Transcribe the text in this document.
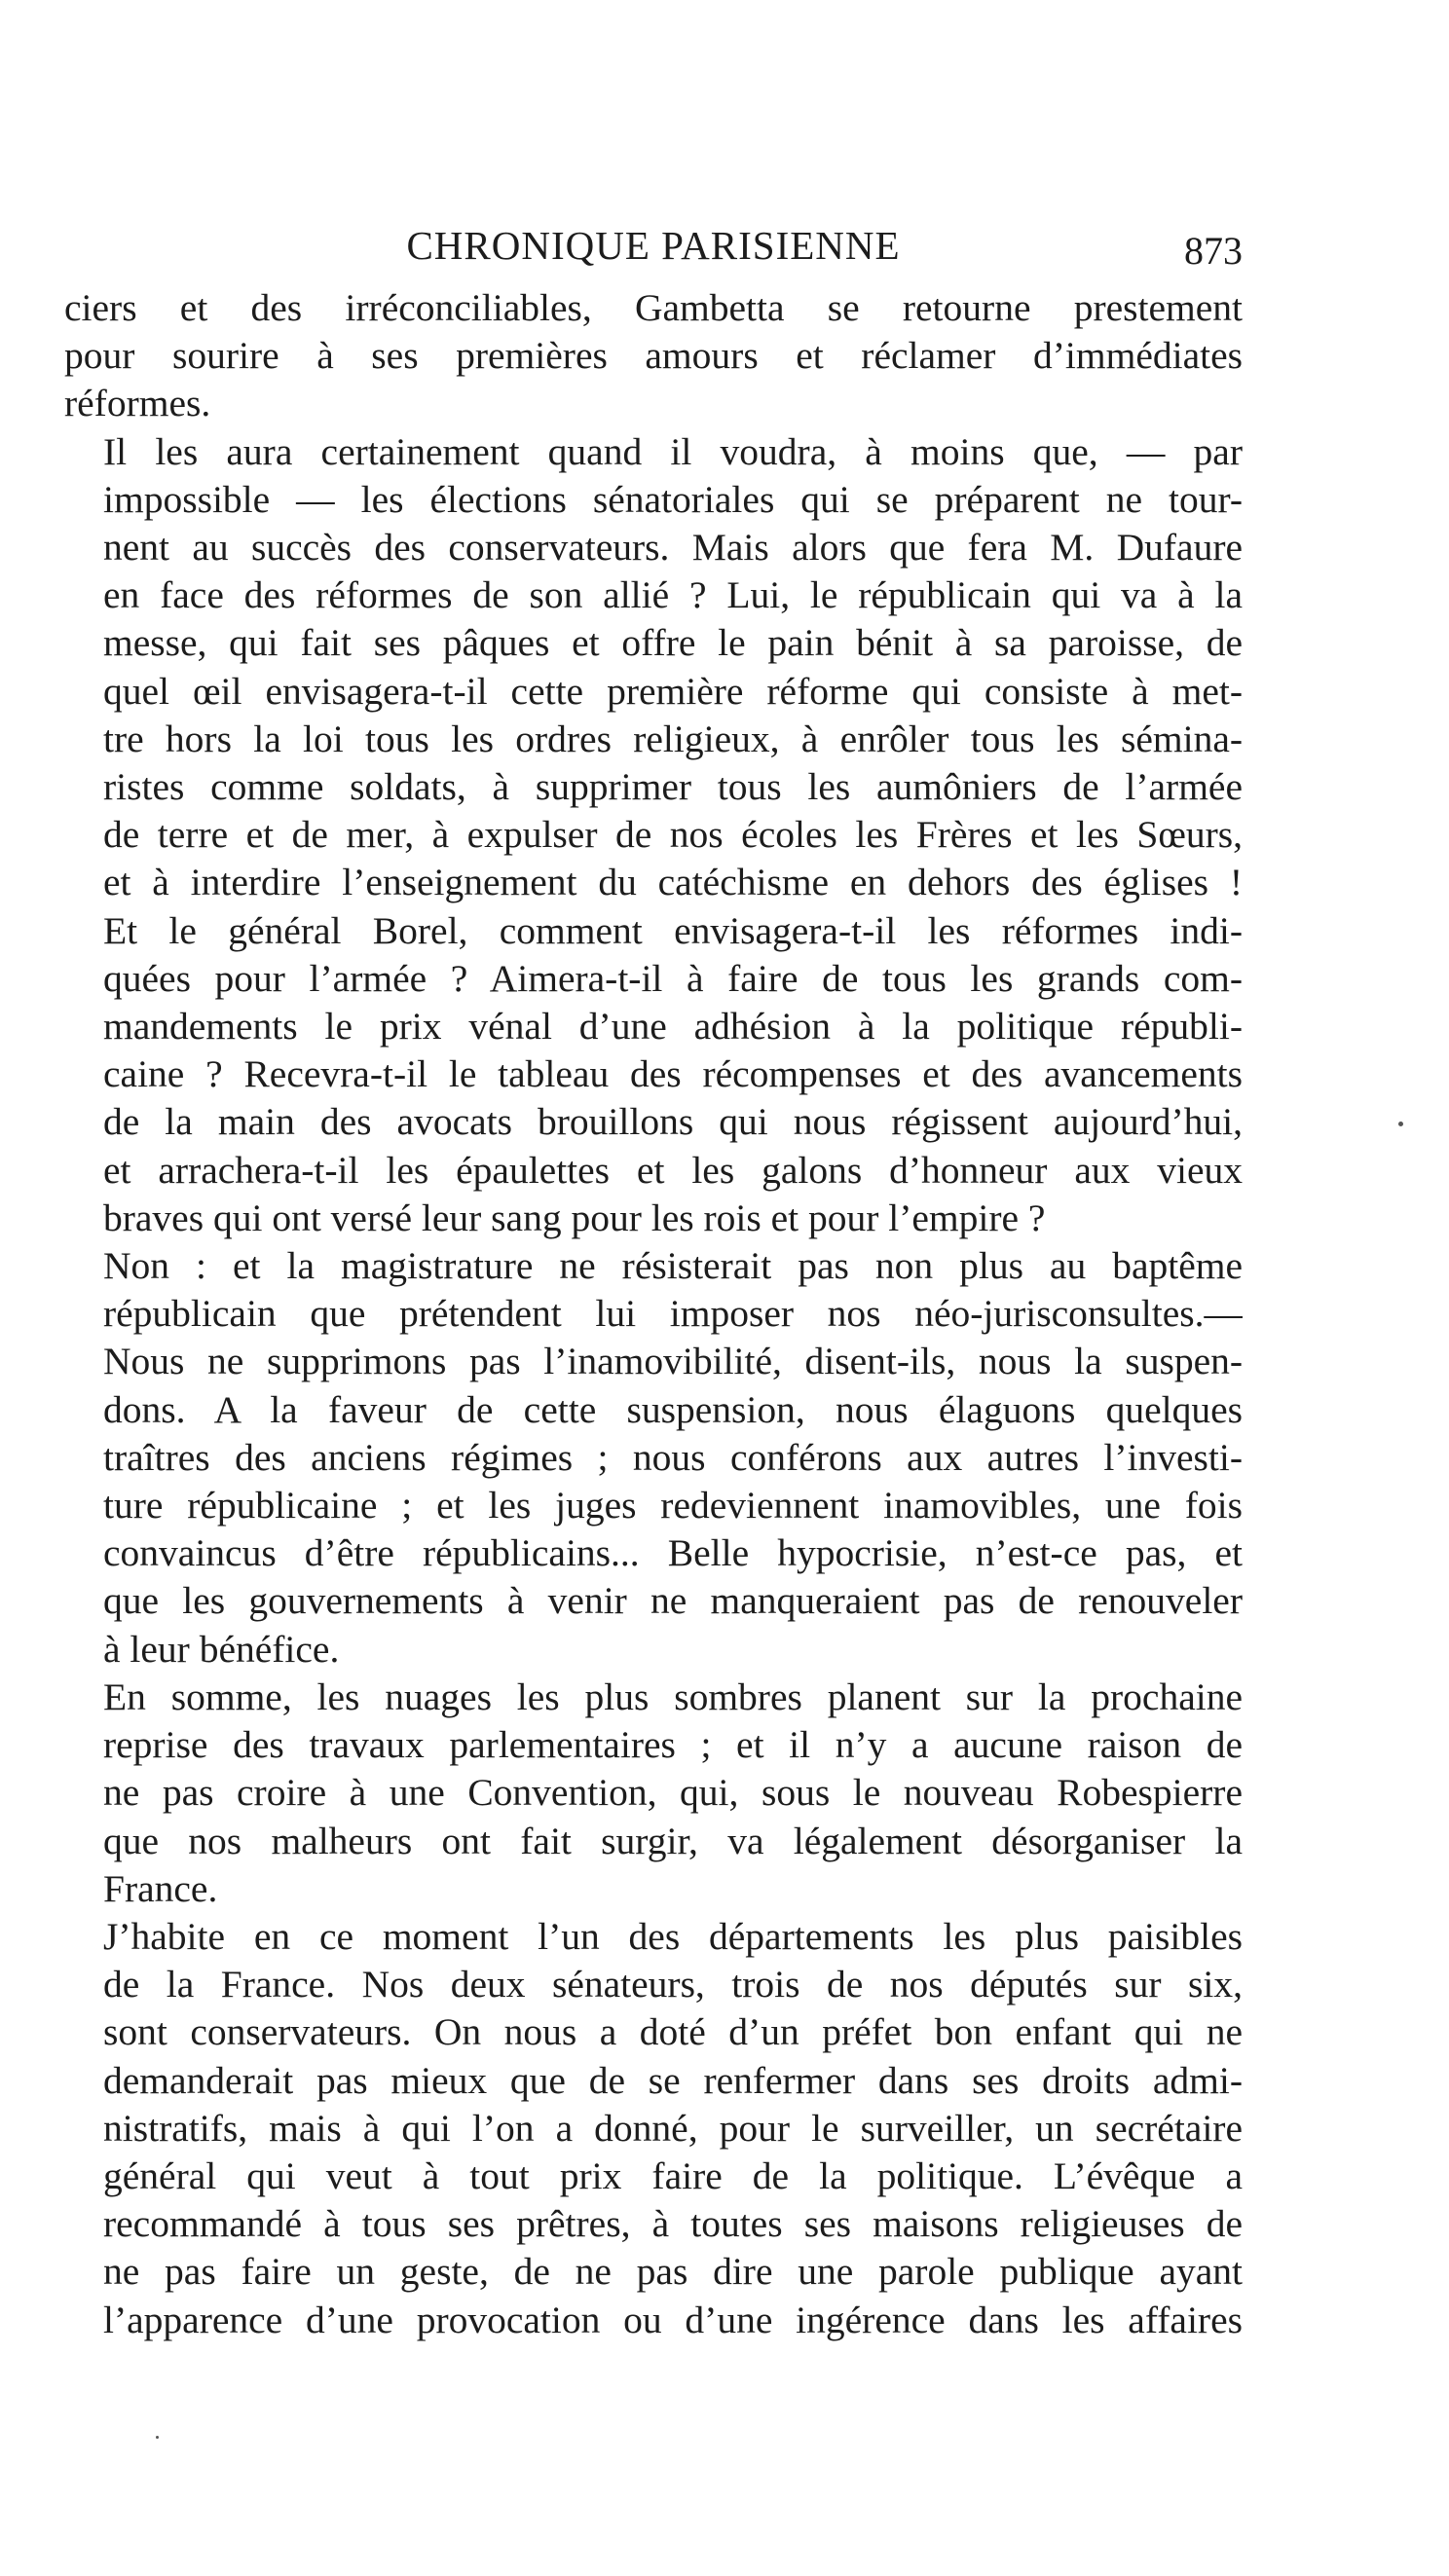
CHRONIQUE PARISIENNE	873
ciers et des irréconciliables, Gambetta se retourne prestement
pour sourire à ses premières amours et réclamer d’immédiates
réformes.
Il les aura certainement quand il voudra, à moins que, — par
impossible — les élections sénatoriales qui se préparent ne tour-
nent au succès des conservateurs. Mais alors que fera M. Dufaure
en face des réformes de son allié ? Lui, le républicain qui va à la
messe, qui fait ses pâques et offre le pain bénit à sa paroisse, de
quel œil envisagera-t-il cette première réforme qui consiste à met-
tre hors la loi tous les ordres religieux, à enrôler tous les sémina-
ristes comme soldats, à supprimer tous les aumôniers de l’armée
de terre et de mer, à expulser de nos écoles les Frères et les Sœurs,
et à interdire l’enseignement du catéchisme en dehors des églises !
Et le général Borel, comment envisagera-t-il les réformes indi-
quées pour l’armée ? Aimera-t-il à faire de tous les grands com-
mandements le prix vénal d’une adhésion à la politique républi-
caine ? Recevra-t-il le tableau des récompenses et des avancements
de la main des avocats brouillons qui nous régissent aujourd’hui,
et arrachera-t-il les épaulettes et les galons d’honneur aux vieux
braves qui ont versé leur sang pour les rois et pour l’empire ?
Non : et la magistrature ne résisterait pas non plus au baptême
républicain que prétendent lui imposer nos néo-jurisconsultes.—
Nous ne supprimons pas l’inamovibilité, disent-ils, nous la suspen-
dons. A la faveur de cette suspension, nous élaguons quelques
traîtres des anciens régimes ; nous conférons aux autres l’investi-
ture républicaine ; et les juges redeviennent inamovibles, une fois
convaincus d’être républicains... Belle hypocrisie, n’est-ce pas, et
que les gouvernements à venir ne manqueraient pas de renouveler
à leur bénéfice.
En somme, les nuages les plus sombres planent sur la prochaine
reprise des travaux parlementaires ; et il n’y a aucune raison de
ne pas croire à une Convention, qui, sous le nouveau Robespierre
que nos malheurs ont fait surgir, va légalement désorganiser la
France.
J’habite en ce moment l’un des départements les plus paisibles
de la France. Nos deux sénateurs, trois de nos députés sur six,
sont conservateurs. On nous a doté d’un préfet bon enfant qui ne
demanderait pas mieux que de se renfermer dans ses droits admi-
nistratifs, mais à qui l’on a donné, pour le surveiller, un secrétaire
général qui veut à tout prix faire de la politique. L’évêque a
recommandé à tous ses prêtres, à toutes ses maisons religieuses de
ne pas faire un geste, de ne pas dire une parole publique ayant
l’apparence d’une provocation ou d’une ingérence dans les affaires
